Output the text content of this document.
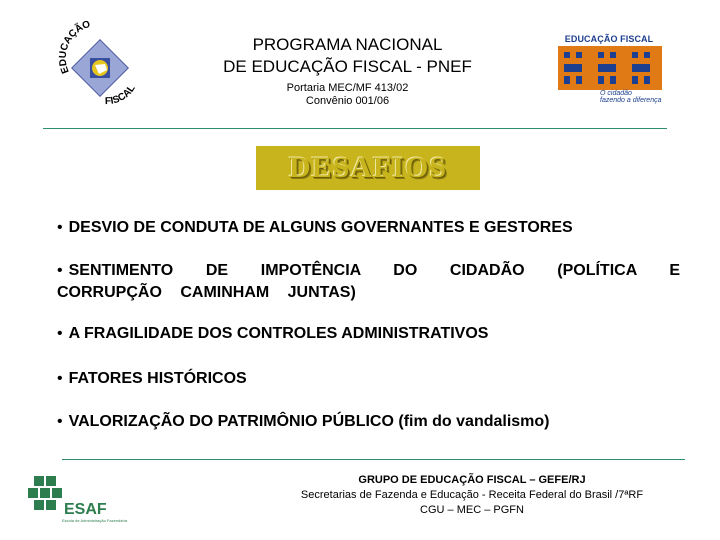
EDUCAÇÃO
FISCAL
PROGRAMA NACIONAL
DE EDUCAÇÃO FISCAL - PNEF
Portaria MEC/MF 413/02
Convênio 001/06
EDUCAÇÃO FISCAL
O cidadão
fazendo a diferença
DESAFIOS
• DESVIO DE CONDUTA DE ALGUNS GOVERNANTES E GESTORES
• SENTIMENTO DE IMPOTÊNCIA DO CIDADÃO (POLÍTICA E CORRUPÇÃO CAMINHAM JUNTAS)
• A FRAGILIDADE DOS CONTROLES ADMINISTRATIVOS
• FATORES HISTÓRICOS
• VALORIZAÇÃO DO PATRIMÔNIO PÚBLICO (fim do vandalismo)
ESAF
Escola de Administração Fazendária
GRUPO DE EDUCAÇÃO FISCAL – GEFE/RJ
Secretarias de Fazenda e Educação - Receita Federal do Brasil /7ªRF
CGU – MEC – PGFN
